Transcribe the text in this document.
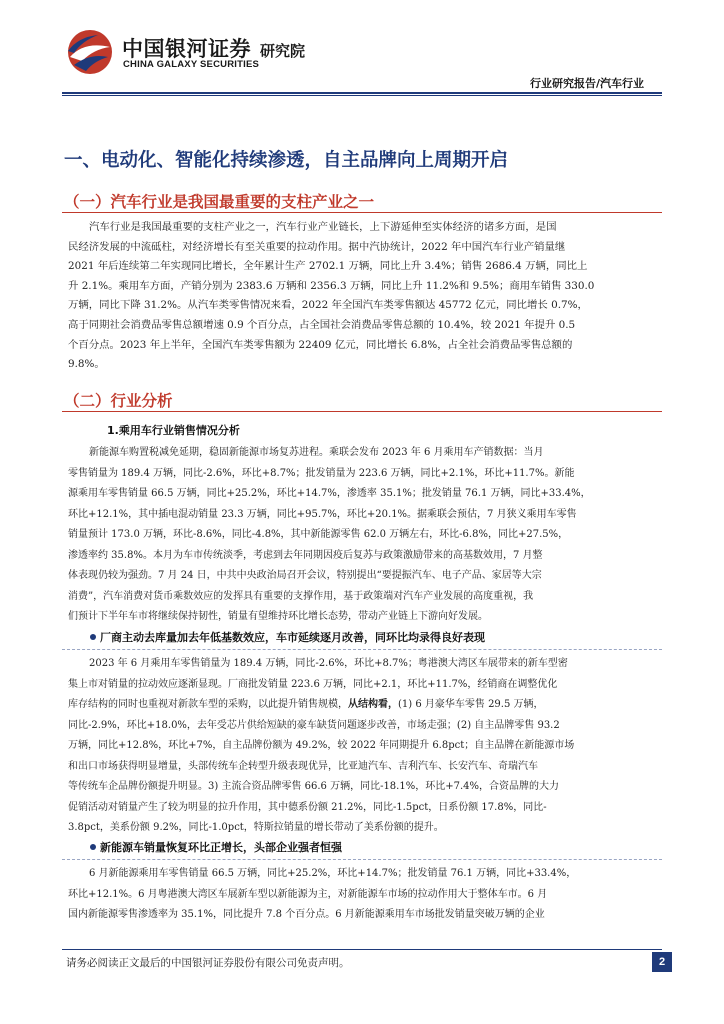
中国银河证券
CHINA GALAXY SECURITIES
研究院
行业研究报告/汽车行业
一、电动化、智能化持续渗透，自主品牌向上周期开启
（一）汽车行业是我国最重要的支柱产业之一
汽车行业是我国最重要的支柱产业之一，汽车行业产业链长，上下游延伸至实体经济的诸多方面，是国
民经济发展的中流砥柱，对经济增长有至关重要的拉动作用。据中汽协统计，2022 年中国汽车行业产销量继
2021 年后连续第二年实现同比增长，全年累计生产 2702.1 万辆，同比上升 3.4%；销售 2686.4 万辆，同比上
升 2.1%。乘用车方面，产销分别为 2383.6 万辆和 2356.3 万辆，同比上升 11.2%和 9.5%；商用车销售 330.0
万辆，同比下降 31.2%。从汽车类零售情况来看，2022 年全国汽车类零售额达 45772 亿元，同比增长 0.7%，
高于同期社会消费品零售总额增速 0.9 个百分点，占全国社会消费品零售总额的 10.4%，较 2021 年提升 0.5
个百分点。2023 年上半年，全国汽车类零售额为 22409 亿元，同比增长 6.8%，占全社会消费品零售总额的
9.8%。
（二）行业分析
1.乘用车行业销售情况分析
新能源车购置税减免延期，稳固新能源市场复苏进程。乘联会发布 2023 年 6 月乘用车产销数据：当月
零售销量为 189.4 万辆，同比-2.6%，环比+8.7%；批发销量为 223.6 万辆，同比+2.1%，环比+11.7%。新能
源乘用车零售销量 66.5 万辆，同比+25.2%，环比+14.7%，渗透率 35.1%；批发销量 76.1 万辆，同比+33.4%，
环比+12.1%，其中插电混动销量 23.3 万辆，同比+95.7%，环比+20.1%。据乘联会预估，7 月狭义乘用车零售
销量预计 173.0 万辆，环比-8.6%，同比-4.8%，其中新能源零售 62.0 万辆左右，环比-6.8%，同比+27.5%，
渗透率约 35.8%。本月为车市传统淡季，考虑到去年同期因疫后复苏与政策激励带来的高基数效用，7 月整
体表现仍较为强劲。7 月 24 日，中共中央政治局召开会议，特别提出“要提振汽车、电子产品、家居等大宗
消费”，汽车消费对货币乘数效应的发挥具有重要的支撑作用，基于政策端对汽车产业发展的高度重视，我
们预计下半年车市将继续保持韧性，销量有望维持环比增长态势，带动产业链上下游向好发展。
厂商主动去库量加去年低基数效应，车市延续逐月改善，同环比均录得良好表现
2023 年 6 月乘用车零售销量为 189.4 万辆，同比-2.6%，环比+8.7%；粤港澳大湾区车展带来的新车型密
集上市对销量的拉动效应逐渐显现。厂商批发销量 223.6 万辆，同比+2.1，环比+11.7%，经销商在调整优化
库存结构的同时也重视对新款车型的采购，以此提升销售规模，从结构看，(1) 6 月豪华车零售 29.5 万辆，
同比-2.9%，环比+18.0%，去年受芯片供给短缺的豪车缺货问题逐步改善，市场走强；(2) 自主品牌零售 93.2
万辆，同比+12.8%，环比+7%，自主品牌份额为 49.2%，较 2022 年同期提升 6.8pct；自主品牌在新能源市场
和出口市场获得明显增量，头部传统车企转型升级表现优异，比亚迪汽车、吉利汽车、长安汽车、奇瑞汽车
等传统车企品牌份额提升明显。3) 主流合资品牌零售 66.6 万辆，同比-18.1%，环比+7.4%，合资品牌的大力
促销活动对销量产生了较为明显的拉升作用，其中德系份额 21.2%，同比-1.5pct，日系份额 17.8%，同比-
3.8pct，美系份额 9.2%，同比-1.0pct，特斯拉销量的增长带动了美系份额的提升。
新能源车销量恢复环比正增长，头部企业强者恒强
6 月新能源乘用车零售销量 66.5 万辆，同比+25.2%，环比+14.7%；批发销量 76.1 万辆，同比+33.4%，
环比+12.1%。6 月粤港澳大湾区车展新车型以新能源为主，对新能源车市场的拉动作用大于整体车市。6 月
国内新能源零售渗透率为 35.1%，同比提升 7.8 个百分点。6 月新能源乘用车市场批发销量突破万辆的企业
请务必阅读正文最后的中国银河证券股份有限公司免责声明。	2
